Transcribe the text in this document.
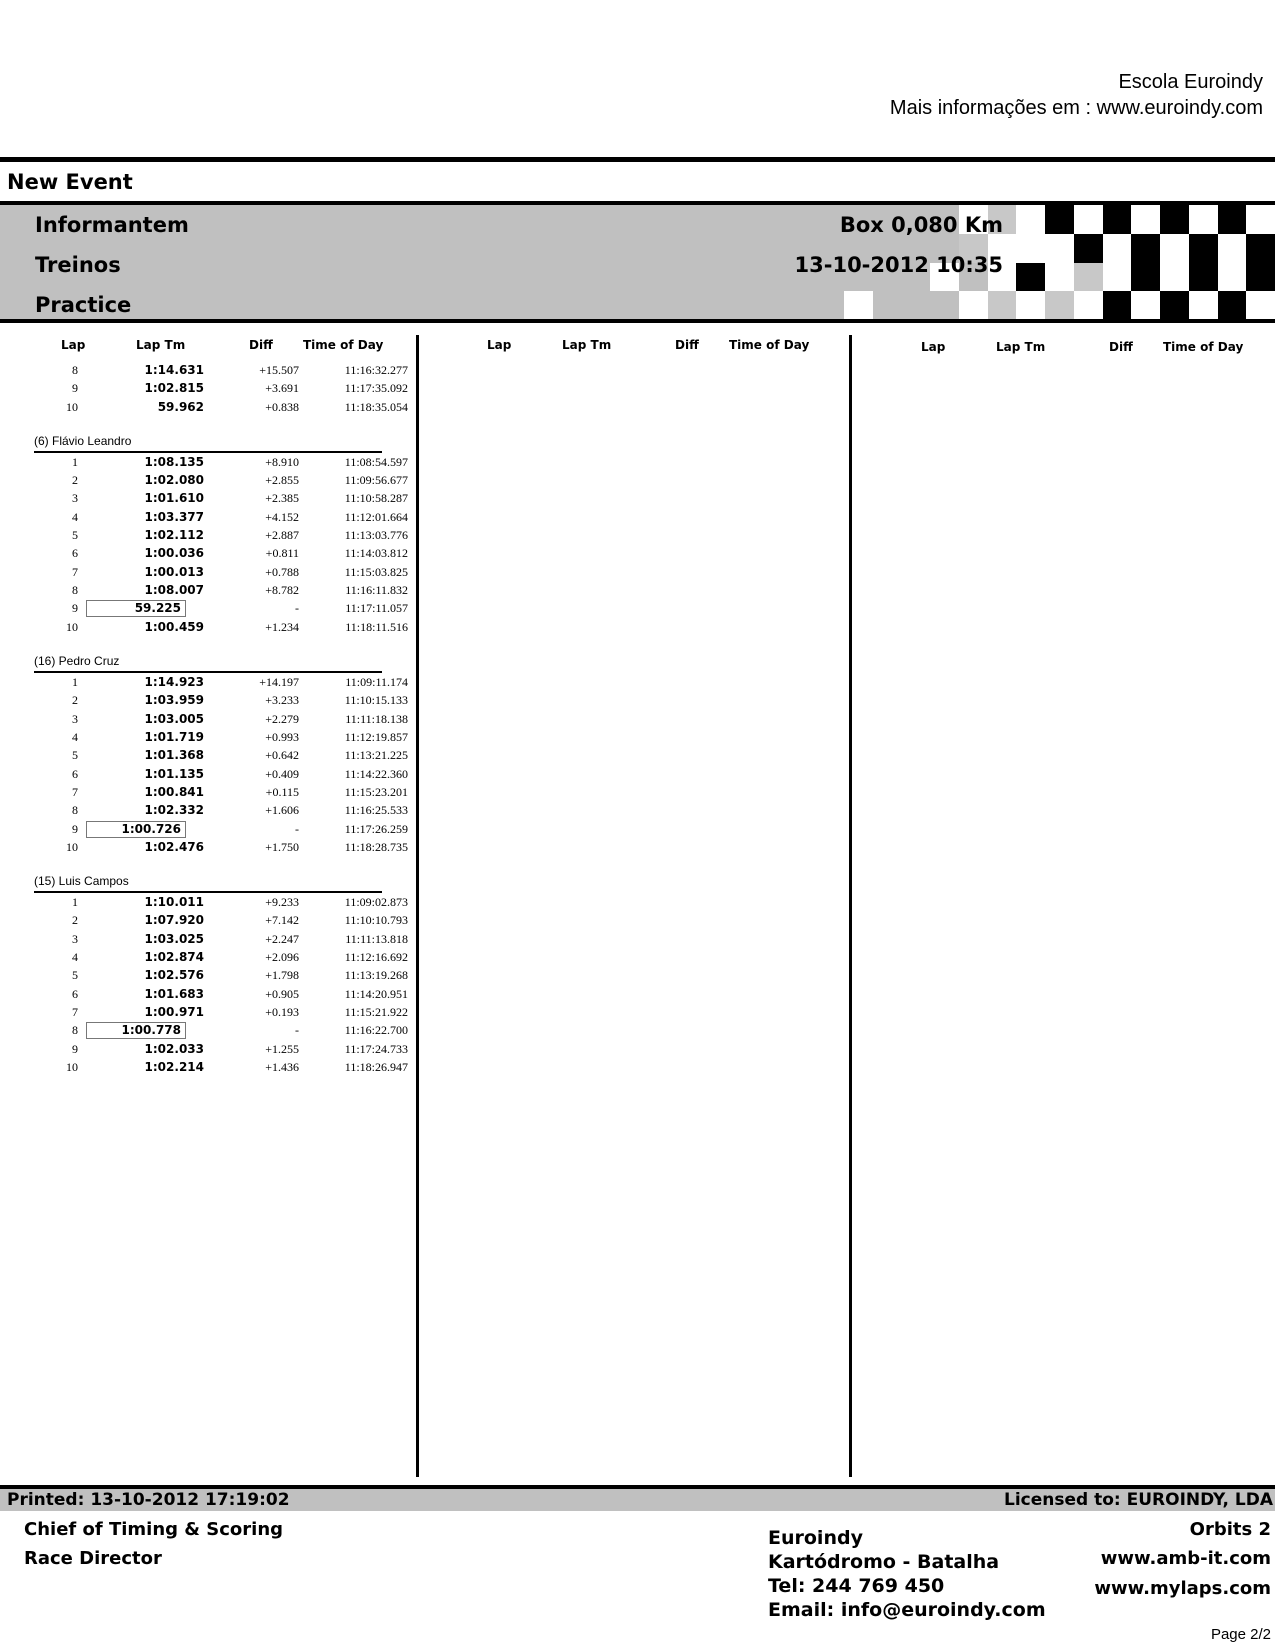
Escola Euroindy
Mais informações em : www.euroindy.com
New Event
Informantem
Treinos
Practice
Box 0,080 Km
13-10-2012 10:35
Lap	Lap Tm	Diff	Time of Day	Lap	Lap Tm	Diff	Time of Day	Lap	Lap Tm	Diff	Time of Day
8	1:14.631	+15.507	11:16:32.277
9	1:02.815	+3.691	11:17:35.092
10	59.962	+0.838	11:18:35.054
(6) Flávio Leandro
1	1:08.135	+8.910	11:08:54.597
2	1:02.080	+2.855	11:09:56.677
3	1:01.610	+2.385	11:10:58.287
4	1:03.377	+4.152	11:12:01.664
5	1:02.112	+2.887	11:13:03.776
6	1:00.036	+0.811	11:14:03.812
7	1:00.013	+0.788	11:15:03.825
8	1:08.007	+8.782	11:16:11.832
9	59.225	-	11:17:11.057
10	1:00.459	+1.234	11:18:11.516
(16) Pedro Cruz
1	1:14.923	+14.197	11:09:11.174
2	1:03.959	+3.233	11:10:15.133
3	1:03.005	+2.279	11:11:18.138
4	1:01.719	+0.993	11:12:19.857
5	1:01.368	+0.642	11:13:21.225
6	1:01.135	+0.409	11:14:22.360
7	1:00.841	+0.115	11:15:23.201
8	1:02.332	+1.606	11:16:25.533
9	1:00.726	-	11:17:26.259
10	1:02.476	+1.750	11:18:28.735
(15) Luis Campos
1	1:10.011	+9.233	11:09:02.873
2	1:07.920	+7.142	11:10:10.793
3	1:03.025	+2.247	11:11:13.818
4	1:02.874	+2.096	11:12:16.692
5	1:02.576	+1.798	11:13:19.268
6	1:01.683	+0.905	11:14:20.951
7	1:00.971	+0.193	11:15:21.922
8	1:00.778	-	11:16:22.700
9	1:02.033	+1.255	11:17:24.733
10	1:02.214	+1.436	11:18:26.947
Printed: 13-10-2012 17:19:02	Licensed to: EUROINDY, LDA
Chief of Timing & Scoring
Race Director
Euroindy
Kartódromo - Batalha
Tel: 244 769 450
Email: info@euroindy.com
Orbits 2
www.amb-it.com
www.mylaps.com
Page 2/2
